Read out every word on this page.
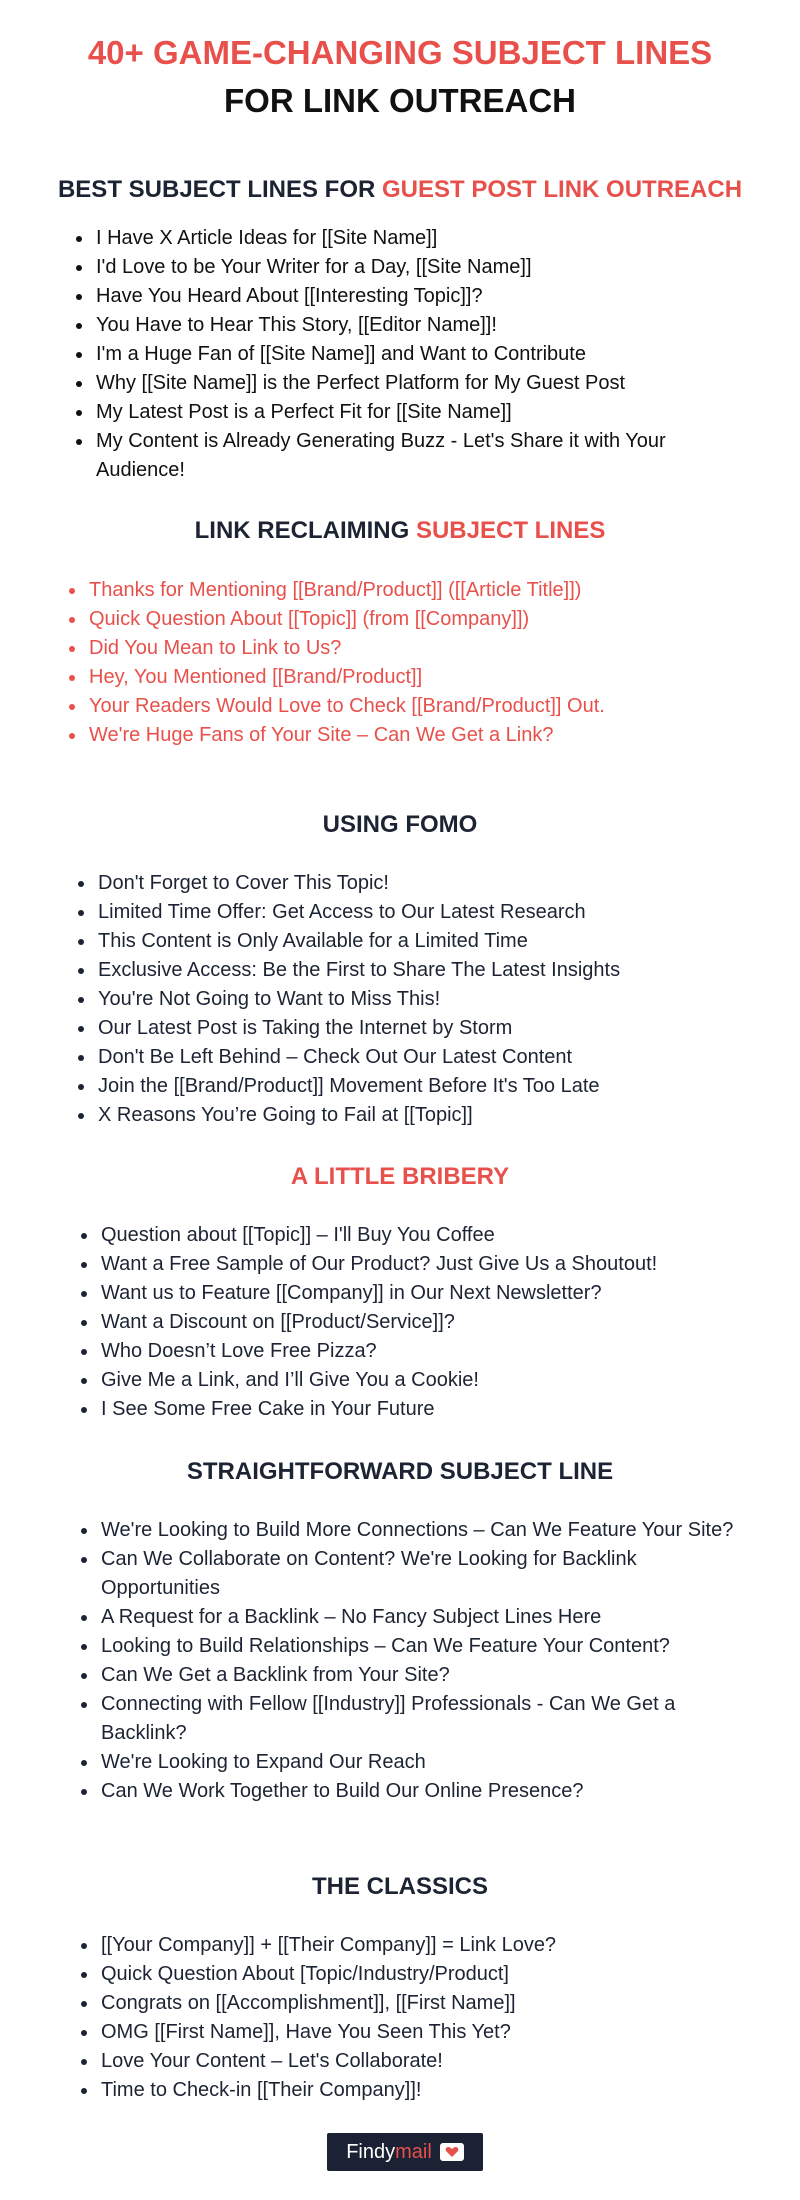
40+ GAME-CHANGING SUBJECT LINES
FOR LINK OUTREACH
BEST SUBJECT LINES FOR GUEST POST LINK OUTREACH
• I Have X Article Ideas for [[Site Name]]
• I'd Love to be Your Writer for a Day, [[Site Name]]
• Have You Heard About [[Interesting Topic]]?
• You Have to Hear This Story, [[Editor Name]]!
• I'm a Huge Fan of [[Site Name]] and Want to Contribute
• Why [[Site Name]] is the Perfect Platform for My Guest Post
• My Latest Post is a Perfect Fit for [[Site Name]]
• My Content is Already Generating Buzz - Let's Share it with Your Audience!
LINK RECLAIMING SUBJECT LINES
• Thanks for Mentioning [[Brand/Product]] ([[Article Title]])
• Quick Question About [[Topic]] (from [[Company]])
• Did You Mean to Link to Us?
• Hey, You Mentioned [[Brand/Product]]
• Your Readers Would Love to Check [[Brand/Product]] Out.
• We're Huge Fans of Your Site – Can We Get a Link?
USING FOMO
• Don't Forget to Cover This Topic!
• Limited Time Offer: Get Access to Our Latest Research
• This Content is Only Available for a Limited Time
• Exclusive Access: Be the First to Share The Latest Insights
• You're Not Going to Want to Miss This!
• Our Latest Post is Taking the Internet by Storm
• Don't Be Left Behind – Check Out Our Latest Content
• Join the [[Brand/Product]] Movement Before It's Too Late
• X Reasons You’re Going to Fail at [[Topic]]
A LITTLE BRIBERY
• Question about [[Topic]] – I'll Buy You Coffee
• Want a Free Sample of Our Product? Just Give Us a Shoutout!
• Want us to Feature [[Company]] in Our Next Newsletter?
• Want a Discount on [[Product/Service]]?
• Who Doesn’t Love Free Pizza?
• Give Me a Link, and I’ll Give You a Cookie!
• I See Some Free Cake in Your Future
STRAIGHTFORWARD SUBJECT LINE
• We're Looking to Build More Connections – Can We Feature Your Site?
• Can We Collaborate on Content? We're Looking for Backlink Opportunities
• A Request for a Backlink – No Fancy Subject Lines Here
• Looking to Build Relationships – Can We Feature Your Content?
• Can We Get a Backlink from Your Site?
• Connecting with Fellow [[Industry]] Professionals - Can We Get a Backlink?
• We're Looking to Expand Our Reach
• Can We Work Together to Build Our Online Presence?
THE CLASSICS
• [[Your Company]] + [[Their Company]] = Link Love?
• Quick Question About [Topic/Industry/Product]
• Congrats on [[Accomplishment]], [[First Name]]
• OMG [[First Name]], Have You Seen This Yet?
• Love Your Content – Let's Collaborate!
• Time to Check-in [[Their Company]]!
Findymail
